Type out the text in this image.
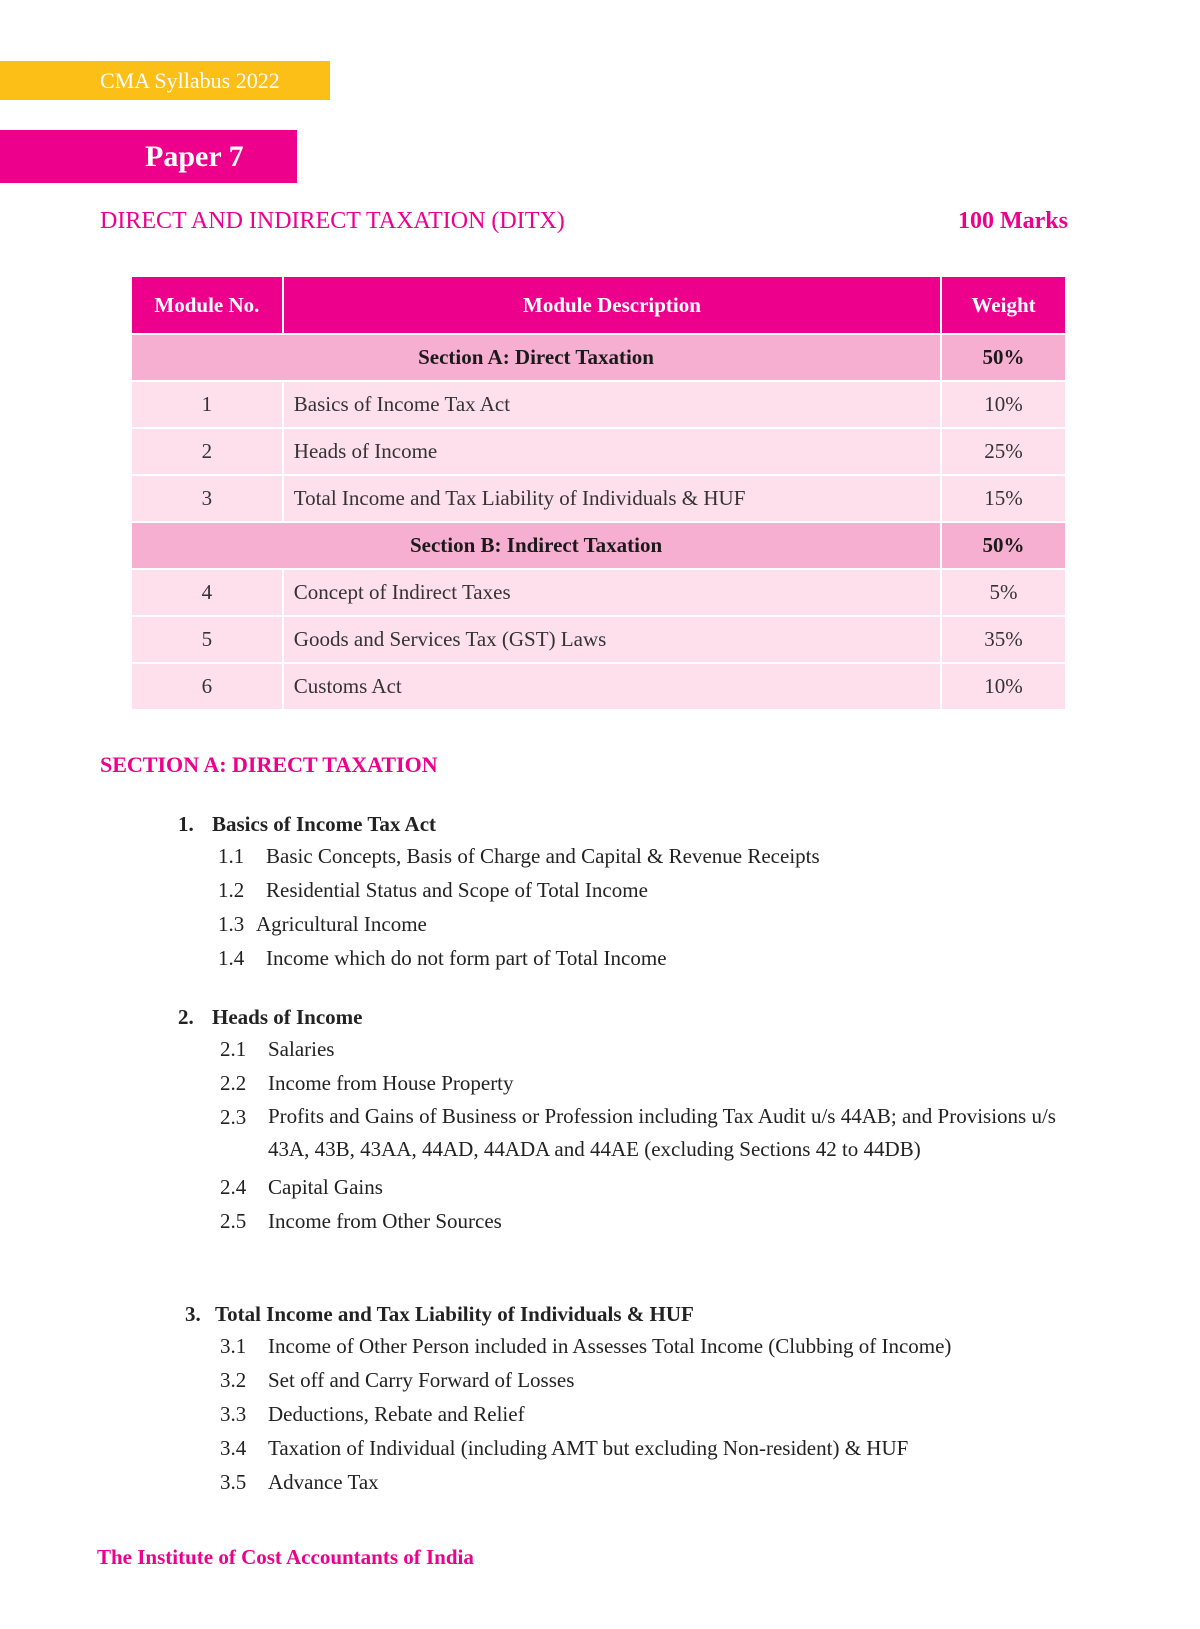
CMA Syllabus 2022
Paper 7
DIRECT AND INDIRECT TAXATION (DITX)	100 Marks
Module No.	Module Description	Weight
Section A: Direct Taxation		50%
1	Basics of Income Tax Act	10%
2	Heads of Income	25%
3	Total Income and Tax Liability of Individuals & HUF	15%
Section B: Indirect Taxation		50%
4	Concept of Indirect Taxes	5%
5	Goods and Services Tax (GST) Laws	35%
6	Customs Act	10%
SECTION A: DIRECT TAXATION
1. Basics of Income Tax Act
1.1	Basic Concepts, Basis of Charge and Capital & Revenue Receipts
1.2	Residential Status and Scope of Total Income
1.3 Agricultural Income
1.4	Income which do not form part of Total Income
2. Heads of Income
2.1	Salaries
2.2	Income from House Property
2.3	Profits and Gains of Business or Profession including Tax Audit u/s 44AB; and Provisions u/s 43A, 43B, 43AA, 44AD, 44ADA and 44AE (excluding Sections 42 to 44DB)
2.4	Capital Gains
2.5	Income from Other Sources
3. Total Income and Tax Liability of Individuals & HUF
3.1	Income of Other Person included in Assesses Total Income (Clubbing of Income)
3.2	Set off and Carry Forward of Losses
3.3	Deductions, Rebate and Relief
3.4	Taxation of Individual (including AMT but excluding Non-resident) & HUF
3.5	Advance Tax
The Institute of Cost Accountants of India
